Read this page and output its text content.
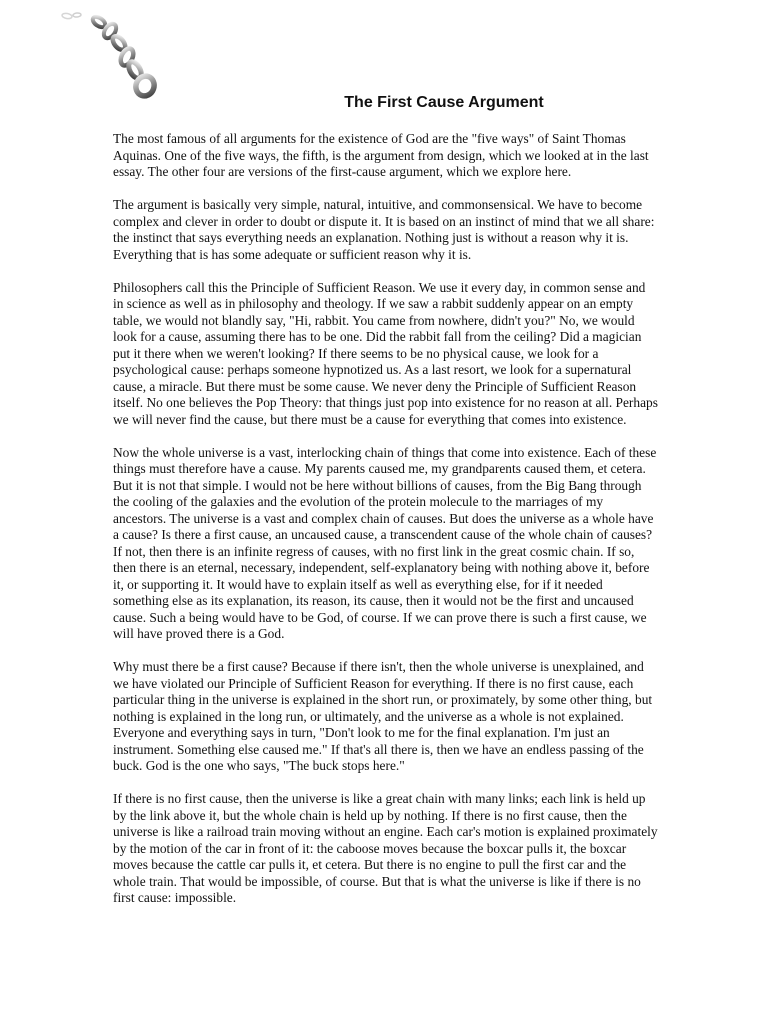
The First Cause Argument

The most famous of all arguments for the existence of God are the "five ways" of Saint Thomas Aquinas. One of the five ways, the fifth, is the argument from design, which we looked at in the last essay. The other four are versions of the first-cause argument, which we explore here.

The argument is basically very simple, natural, intuitive, and commonsensical. We have to become complex and clever in order to doubt or dispute it. It is based on an instinct of mind that we all share: the instinct that says everything needs an explanation. Nothing just is without a reason why it is. Everything that is has some adequate or sufficient reason why it is.

Philosophers call this the Principle of Sufficient Reason. We use it every day, in common sense and in science as well as in philosophy and theology. If we saw a rabbit suddenly appear on an empty table, we would not blandly say, "Hi, rabbit. You came from nowhere, didn't you?" No, we would look for a cause, assuming there has to be one. Did the rabbit fall from the ceiling? Did a magician put it there when we weren't looking? If there seems to be no physical cause, we look for a psychological cause: perhaps someone hypnotized us. As a last resort, we look for a supernatural cause, a miracle. But there must be some cause. We never deny the Principle of Sufficient Reason itself. No one believes the Pop Theory: that things just pop into existence for no reason at all. Perhaps we will never find the cause, but there must be a cause for everything that comes into existence.

Now the whole universe is a vast, interlocking chain of things that come into existence. Each of these things must therefore have a cause. My parents caused me, my grandparents caused them, et cetera. But it is not that simple. I would not be here without billions of causes, from the Big Bang through the cooling of the galaxies and the evolution of the protein molecule to the marriages of my ancestors. The universe is a vast and complex chain of causes. But does the universe as a whole have a cause? Is there a first cause, an uncaused cause, a transcendent cause of the whole chain of causes? If not, then there is an infinite regress of causes, with no first link in the great cosmic chain. If so, then there is an eternal, necessary, independent, self-explanatory being with nothing above it, before it, or supporting it. It would have to explain itself as well as everything else, for if it needed something else as its explanation, its reason, its cause, then it would not be the first and uncaused cause. Such a being would have to be God, of course. If we can prove there is such a first cause, we will have proved there is a God.

Why must there be a first cause? Because if there isn't, then the whole universe is unexplained, and we have violated our Principle of Sufficient Reason for everything. If there is no first cause, each particular thing in the universe is explained in the short run, or proximately, by some other thing, but nothing is explained in the long run, or ultimately, and the universe as a whole is not explained. Everyone and everything says in turn, "Don't look to me for the final explanation. I'm just an instrument. Something else caused me." If that's all there is, then we have an endless passing of the buck. God is the one who says, "The buck stops here."

If there is no first cause, then the universe is like a great chain with many links; each link is held up by the link above it, but the whole chain is held up by nothing. If there is no first cause, then the universe is like a railroad train moving without an engine. Each car's motion is explained proximately by the motion of the car in front of it: the caboose moves because the boxcar pulls it, the boxcar moves because the cattle car pulls it, et cetera. But there is no engine to pull the first car and the whole train. That would be impossible, of course. But that is what the universe is like if there is no first cause: impossible.
